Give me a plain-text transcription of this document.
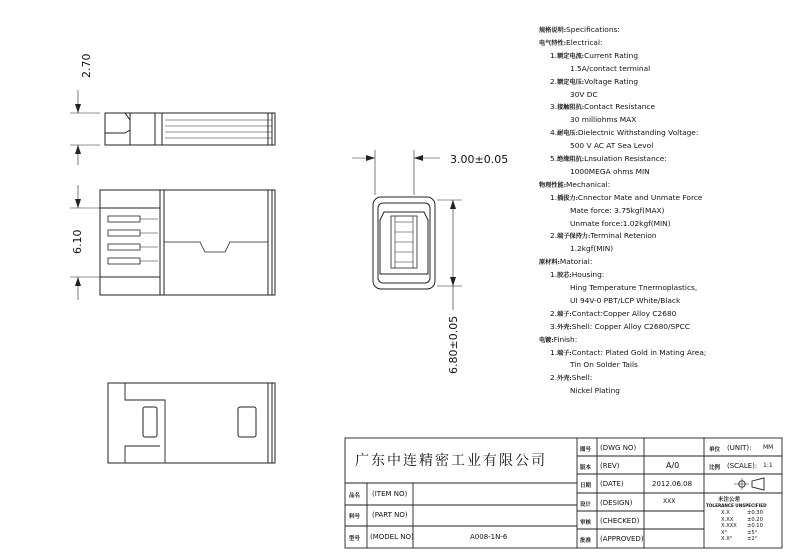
2.70
6.10
3.00±0.05
6.80±0.05
规格说明:Specifications:
电气特性:Electrical:
1.额定电流:Current Rating
1.5A/contact terminal
2.额定电压:Voltage Rating
30V DC
3.接触阻抗:Contact Resistance
30 milliohms MAX
4.耐电压:Dielectnic Withstanding Voltage:
500 V AC AT Sea Levol
5.绝缘阻抗:Lnsulation Resistance:
1000MEGA ohms MIN
物理性能:Mechanical:
1.插拔力:Cnnector Mate and Unmate Force
Mate force: 3.75kgf(MAX)
Unmate force:1.02kgf(MIN)
2.端子保持力:Terminal Retenion
1.2kgf(MIN)
原材料:Matorial:
1.胶芯:Housing:
Hing Temperature Tnermoplastics,
UI 94V-0 PBT/LCP White/Black
2.端子:Contact:Copper Alloy C2680
3.外壳:Shell: Copper Alloy C2680/SPCC
电镀:Finish:
1.端子:Contact: Plated Gold in Mating Area;
Tin On Solder Tails
2.外壳:Shell:
Nickel Plating
广东中连精密工业有限公司
品名 (ITEM NO)
料号 (PART NO)
型号 (MODEL NO)	A008-1N-6
图号 (DWG NO)
版本 (REV)	A/0
日期 (DATE)	2012.06.08
设计 (DESIGN)	XXX
审核 (CHECKED)
批准 (APPROVED)
单位 (UNIT): MM
比例 (SCALE): 1:1
未注公差
TOLERANCE UNSPECIFIED
X.X	±0.30
X.XX	±0.20
X.XXX ±0.10
X°	±5°
X.X°	±2°
